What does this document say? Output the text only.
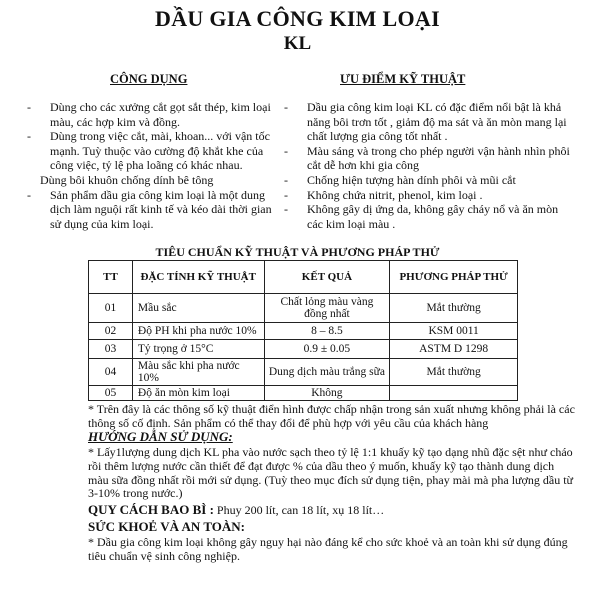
DẦU GIA CÔNG KIM LOẠI
KL
CÔNG DỤNG	ƯU ĐIỂM KỸ THUẬT
- Dùng cho các xưởng cắt gọt sắt thép, kim loại màu, các hợp kim và đồng.
- Dùng trong việc cắt, mài, khoan... với vận tốc mạnh. Tuỳ thuộc vào cường độ khắt khe của công việc, tỷ lệ pha loãng có khác nhau.
Dùng bôi khuôn chống dính bê tông
- Sản phẩm dầu gia công kim loại là một dung dịch làm nguội rất kinh tế và kéo dài thời gian sử dụng của kim loại.
- Dầu gia công kim loại KL có đặc điểm nổi bật là khả năng bôi trơn tốt , giảm độ ma sát và ăn mòn mang lại chất lượng gia công tốt nhất .
- Màu sáng và trong cho phép người vận hành nhìn phôi cắt dễ hơn khi gia công
- Chống hiện tượng hàn dính phôi và mũi cắt
- Không chứa nitrit, phenol, kim loại .
- Không gây dị ứng da, không gây cháy nổ và ăn mòn các kim loại màu .
TIÊU CHUẨN KỸ THUẬT VÀ PHƯƠNG PHÁP THỬ
TT	ĐẶC TÍNH KỸ THUẬT	KẾT QUẢ	PHƯƠNG PHÁP THỬ
01	Mầu sắc	Chất lỏng màu vàng đồng nhất	Mắt thường
02	Độ PH khi pha nước 10%	8 – 8.5	KSM 0011
03	Tỷ trọng ở 15°C	0.9 ± 0.05	ASTM D 1298
04	Màu sắc khi pha nước 10%	Dung dịch màu trắng sữa	Mắt thường
05	Độ ăn mòn kim loại	Không	
* Trên đây là các thông số kỹ thuật điển hình được chấp nhận trong sản xuất nhưng không phải là các thông số cố định. Sản phẩm có thể thay đổi để phù hợp với yêu cầu của khách hàng
HƯỚNG DẪN SỬ DỤNG:
* Lấy1lượng dung dịch KL pha vào nước sạch theo tỷ lệ 1:1 khuấy kỹ tạo dạng nhũ đặc sệt như cháo rồi thêm lượng nước cần thiết để đạt được % của dầu theo ý muốn, khuấy kỹ tạo thành dung dịch màu sữa đồng nhất rồi mới sử dụng. (Tuỳ theo mục đích sử dụng tiện, phay mài mà pha lượng dầu từ 3-10% trong nước.)
QUY CÁCH BAO BÌ : Phuy 200 lít, can 18 lít, xụ 18 lít…
SỨC KHOẺ VÀ AN TOÀN:
* Dầu gia công kim loại không gây nguy hại nào đáng kể cho sức khoẻ và an toàn khi sử dụng đúng tiêu chuẩn vệ sinh công nghiệp.
